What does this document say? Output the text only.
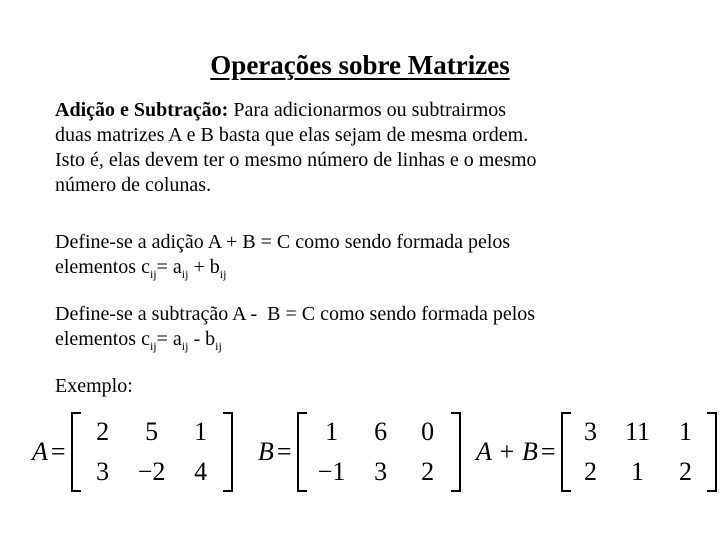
Operações sobre Matrizes
Adição e Subtração: Para adicionarmos ou subtrairmos
duas matrizes A e B basta que elas sejam de mesma ordem.
Isto é, elas devem ter o mesmo número de linhas e o mesmo
número de colunas.
Define-se a adição A + B = C como sendo formada pelos
elementos $c_{ij}= a_{ij} + b_{ij}$
Define-se a subtração A -  B = C como sendo formada pelos
elementos $c_{ij}= a_{ij} - b_{ij}$
Exemplo:
A =
2	5	1
3	−2	4
B =
1	6	0
−1	3	2
A + B =
3	11	1
2	1	2
